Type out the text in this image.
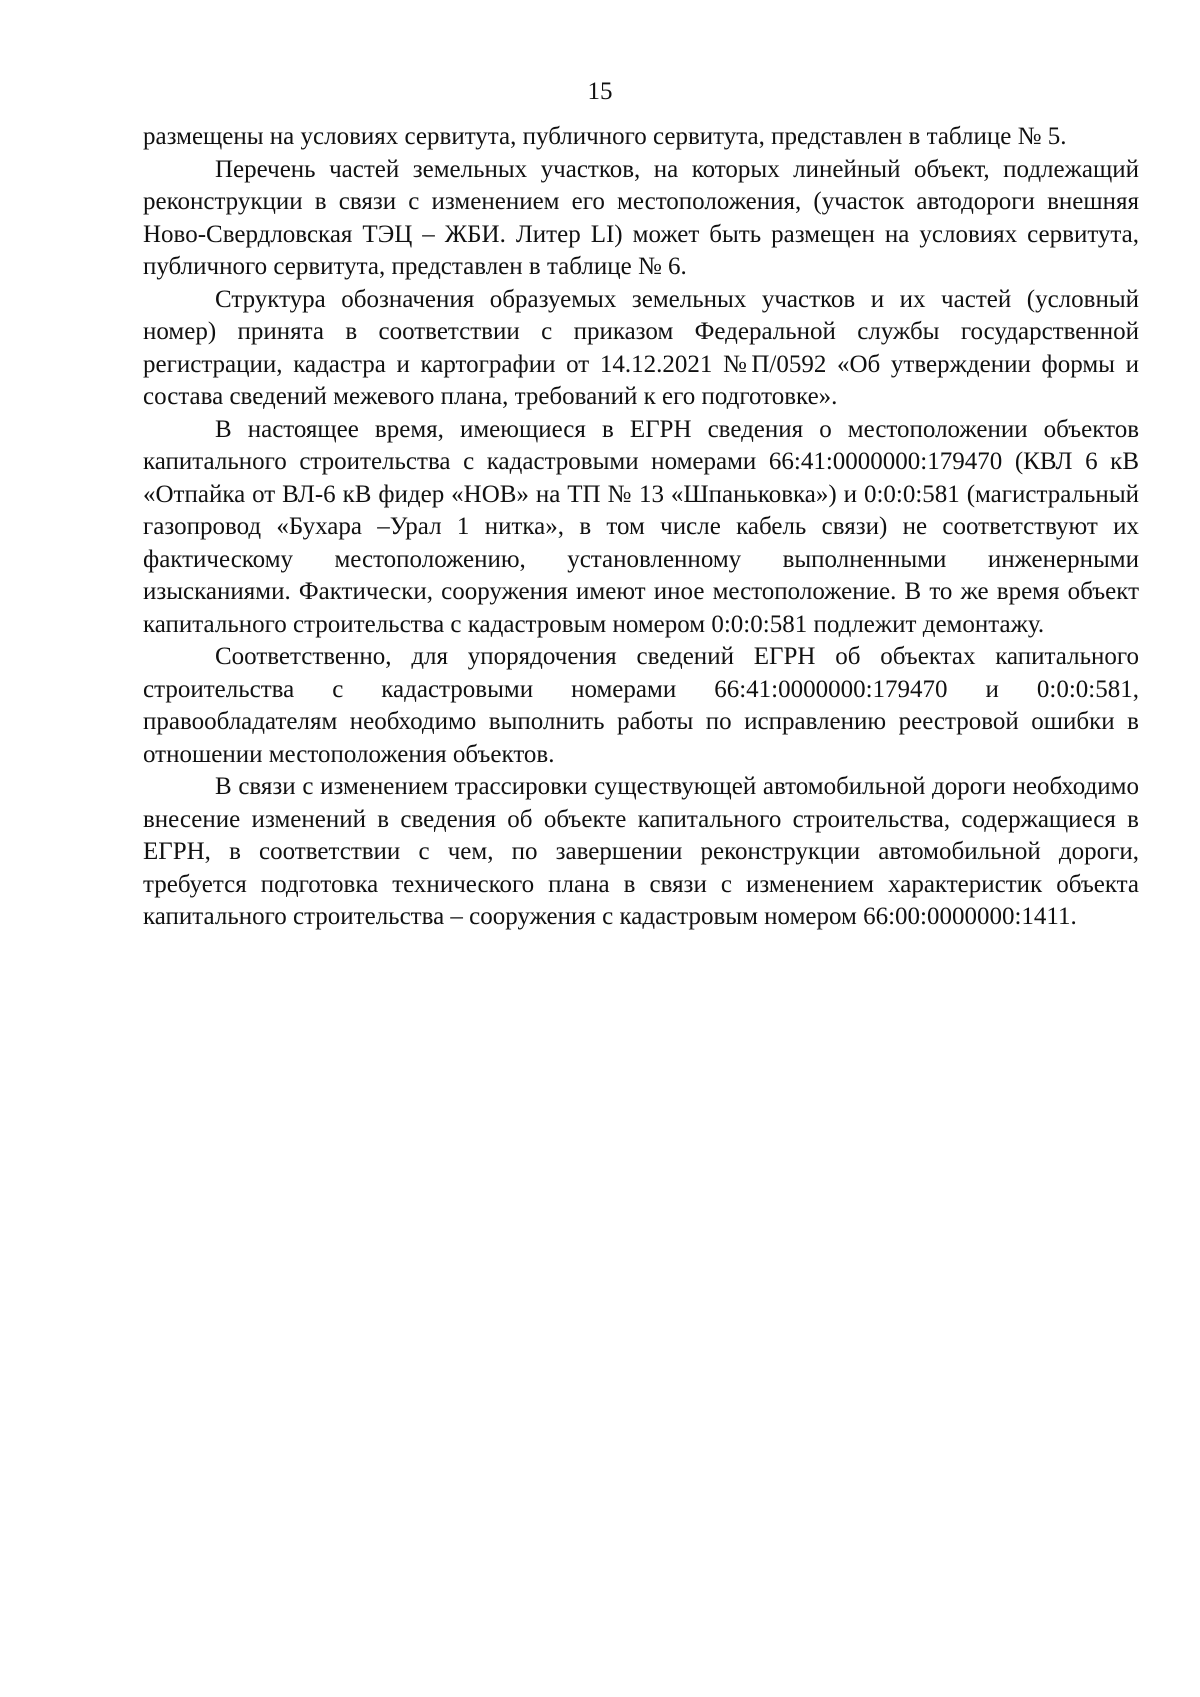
15

размещены на условиях сервитута, публичного сервитута, представлен в таблице № 5.

Перечень частей земельных участков, на которых линейный объект, подлежащий реконструкции в связи с изменением его местоположения, (участок автодороги внешняя Ново-Свердловская ТЭЦ – ЖБИ. Литер LI) может быть размещен на условиях сервитута, публичного сервитута, представлен в таблице № 6.

Структура обозначения образуемых земельных участков и их частей (условный номер) принята в соответствии с приказом Федеральной службы государственной регистрации, кадастра и картографии от 14.12.2021 №П/0592 «Об утверждении формы и состава сведений межевого плана, требований к его подготовке».

В настоящее время, имеющиеся в ЕГРН сведения о местоположении объектов капитального строительства с кадастровыми номерами 66:41:0000000:179470 (КВЛ 6 кВ «Отпайка от ВЛ-6 кВ фидер «НОВ» на ТП № 13 «Шпаньковка») и 0:0:0:581 (магистральный газопровод «Бухара –Урал 1 нитка», в том числе кабель связи) не соответствуют их фактическому местоположению, установленному выполненными инженерными изысканиями. Фактически, сооружения имеют иное местоположение. В то же время объект капитального строительства с кадастровым номером 0:0:0:581 подлежит демонтажу.

Соответственно, для упорядочения сведений ЕГРН об объектах капитального строительства с кадастровыми номерами 66:41:0000000:179470 и 0:0:0:581, правообладателям необходимо выполнить работы по исправлению реестровой ошибки в отношении местоположения объектов.

В связи с изменением трассировки существующей автомобильной дороги необходимо внесение изменений в сведения об объекте капитального строительства, содержащиеся в ЕГРН, в соответствии с чем, по завершении реконструкции автомобильной дороги, требуется подготовка технического плана в связи с изменением характеристик объекта капитального строительства – сооружения с кадастровым номером 66:00:0000000:1411.
